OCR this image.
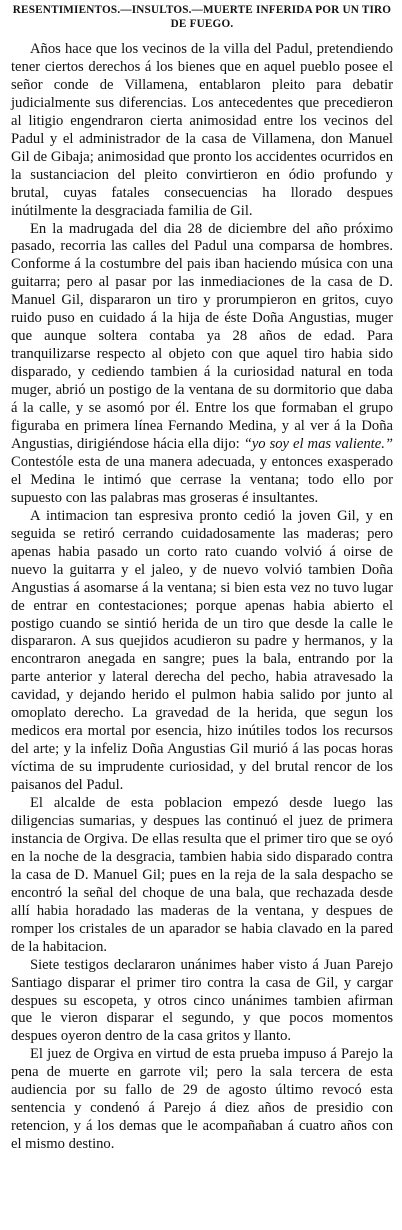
RESENTIMIENTOS.—INSULTOS.—MUERTE INFERIDA POR UN TIRO DE FUEGO.

Años hace que los vecinos de la villa del Padul, pretendiendo tener ciertos derechos á los bienes que en aquel pueblo posee el señor conde de Villamena, entablaron pleito para debatir judicialmente sus diferencias. Los antecedentes que precedieron al litigio engendraron cierta animosidad entre los vecinos del Padul y el administrador de la casa de Villamena, don Manuel Gil de Gibaja; animosidad que pronto los accidentes ocurridos en la sustanciacion del pleito convirtieron en ódio profundo y brutal, cuyas fatales consecuencias ha llorado despues inútilmente la desgraciada familia de Gil.

En la madrugada del dia 28 de diciembre del año próximo pasado, recorria las calles del Padul una comparsa de hombres. Conforme á la costumbre del pais iban haciendo música con una guitarra; pero al pasar por las inmediaciones de la casa de D. Manuel Gil, dispararon un tiro y prorumpieron en gritos, cuyo ruido puso en cuidado á la hija de éste Doña Angustias, muger que aunque soltera contaba ya 28 años de edad. Para tranquilizarse respecto al objeto con que aquel tiro habia sido disparado, y cediendo tambien á la curiosidad natural en toda muger, abrió un postigo de la ventana de su dormitorio que daba á la calle, y se asomó por él. Entre los que formaban el grupo figuraba en primera línea Fernando Medina, y al ver á la Doña Angustias, dirigiéndose hácia ella dijo: “yo soy el mas valiente.” Contestóle esta de una manera adecuada, y entonces exasperado el Medina le intimó que cerrase la ventana; todo ello por supuesto con las palabras mas groseras é insultantes.

A intimacion tan espresiva pronto cedió la joven Gil, y en seguida se retiró cerrando cuidadosamente las maderas; pero apenas habia pasado un corto rato cuando volvió á oirse de nuevo la guitarra y el jaleo, y de nuevo volvió tambien Doña Angustias á asomarse á la ventana; si bien esta vez no tuvo lugar de entrar en contestaciones; porque apenas habia abierto el postigo cuando se sintió herida de un tiro que desde la calle le dispararon. A sus quejidos acudieron su padre y hermanos, y la encontraron anegada en sangre; pues la bala, entrando por la parte anterior y lateral derecha del pecho, habia atravesado la cavidad, y dejando herido el pulmon habia salido por junto al omoplato derecho. La gravedad de la herida, que segun los medicos era mortal por esencia, hizo inútiles todos los recursos del arte; y la infeliz Doña Angustias Gil murió á las pocas horas víctima de su imprudente curiosidad, y del brutal rencor de los paisanos del Padul.

El alcalde de esta poblacion empezó desde luego las diligencias sumarias, y despues las continuó el juez de primera instancia de Orgiva. De ellas resulta que el primer tiro que se oyó en la noche de la desgracia, tambien habia sido disparado contra la casa de D. Manuel Gil; pues en la reja de la sala despacho se encontró la señal del choque de una bala, que rechazada desde allí habia horadado las maderas de la ventana, y despues de romper los cristales de un aparador se habia clavado en la pared de la habitacion.

Siete testigos declararon unánimes haber visto á Juan Parejo Santiago disparar el primer tiro contra la casa de Gil, y cargar despues su escopeta, y otros cinco unánimes tambien afirman que le vieron disparar el segundo, y que pocos momentos despues oyeron dentro de la casa gritos y llanto.

El juez de Orgiva en virtud de esta prueba impuso á Parejo la pena de muerte en garrote vil; pero la sala tercera de esta audiencia por su fallo de 29 de agosto último revocó esta sentencia y condenó á Parejo á diez años de presidio con retencion, y á los demas que le acompañaban á cuatro años con el mismo destino.
